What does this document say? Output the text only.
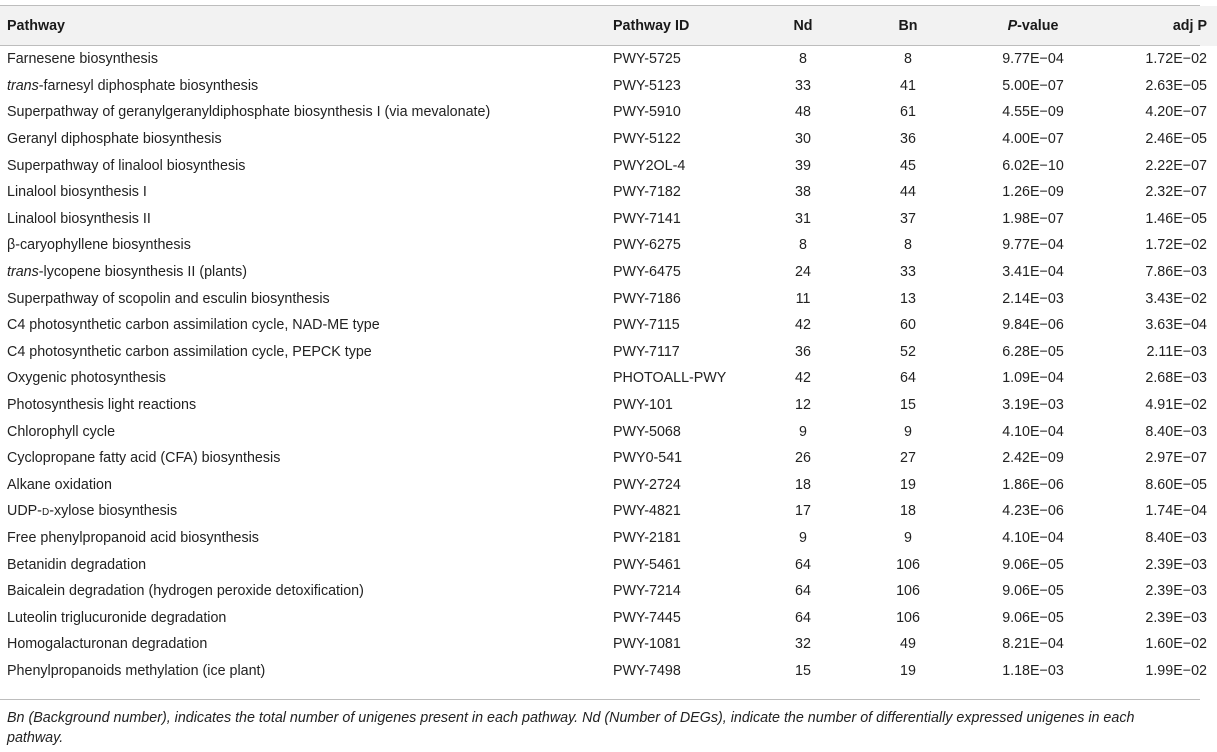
Pathway	Pathway ID	Nd	Bn	P-value	adj P
Farnesene biosynthesis	PWY-5725	8	8	9.77E−04	1.72E−02
trans-farnesyl diphosphate biosynthesis	PWY-5123	33	41	5.00E−07	2.63E−05
Superpathway of geranylgeranyldiphosphate biosynthesis I (via mevalonate)	PWY-5910	48	61	4.55E−09	4.20E−07
Geranyl diphosphate biosynthesis	PWY-5122	30	36	4.00E−07	2.46E−05
Superpathway of linalool biosynthesis	PWY2OL-4	39	45	6.02E−10	2.22E−07
Linalool biosynthesis I	PWY-7182	38	44	1.26E−09	2.32E−07
Linalool biosynthesis II	PWY-7141	31	37	1.98E−07	1.46E−05
β-caryophyllene biosynthesis	PWY-6275	8	8	9.77E−04	1.72E−02
trans-lycopene biosynthesis II (plants)	PWY-6475	24	33	3.41E−04	7.86E−03
Superpathway of scopolin and esculin biosynthesis	PWY-7186	11	13	2.14E−03	3.43E−02
C4 photosynthetic carbon assimilation cycle, NAD-ME type	PWY-7115	42	60	9.84E−06	3.63E−04
C4 photosynthetic carbon assimilation cycle, PEPCK type	PWY-7117	36	52	6.28E−05	2.11E−03
Oxygenic photosynthesis	PHOTOALL-PWY	42	64	1.09E−04	2.68E−03
Photosynthesis light reactions	PWY-101	12	15	3.19E−03	4.91E−02
Chlorophyll cycle	PWY-5068	9	9	4.10E−04	8.40E−03
Cyclopropane fatty acid (CFA) biosynthesis	PWY0-541	26	27	2.42E−09	2.97E−07
Alkane oxidation	PWY-2724	18	19	1.86E−06	8.60E−05
UDP-d-xylose biosynthesis	PWY-4821	17	18	4.23E−06	1.74E−04
Free phenylpropanoid acid biosynthesis	PWY-2181	9	9	4.10E−04	8.40E−03
Betanidin degradation	PWY-5461	64	106	9.06E−05	2.39E−03
Baicalein degradation (hydrogen peroxide detoxification)	PWY-7214	64	106	9.06E−05	2.39E−03
Luteolin triglucuronide degradation	PWY-7445	64	106	9.06E−05	2.39E−03
Homogalacturonan degradation	PWY-1081	32	49	8.21E−04	1.60E−02
Phenylpropanoids methylation (ice plant)	PWY-7498	15	19	1.18E−03	1.99E−02
Bn (Background number), indicates the total number of unigenes present in each pathway. Nd (Number of DEGs), indicate the number of differentially expressed unigenes in each pathway.
